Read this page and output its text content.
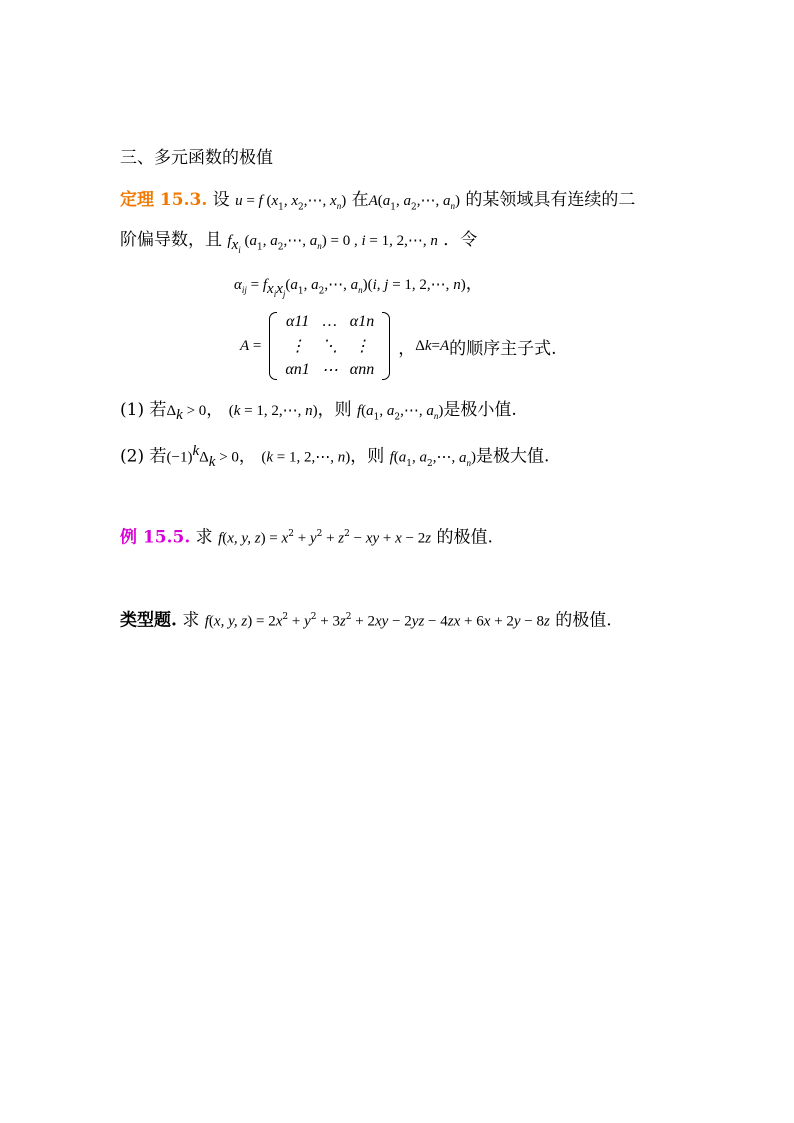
三、多元函数的极值
定理 15.3. 设 u = f ($x_1$, $x_2,\cdots$, $x_n$) 在$A(a_1$, $a_2,\cdots$, $a_n$) 的某领域具有连续的二
阶偏导数，且 $f_{x_i}$ ($a_1$, $a_2,\cdots$, $a_n) = 0$ , i = 1, 2,⋯, n ．令
$\alpha_{ij} = f_{x_ix_j}(a_1$, $a_2,\cdots$, $a_n)(i$, j = 1, 2,⋯, n)，
A =
α11	…	α1n
⋮	⋱	⋮
αn1	⋯	αnn
， Δ k = A 的顺序主子式.
(1) 若$\Delta_k > 0$， (k = 1, 2,⋯, n)，则 $f(a_1$, $a_2,\cdots$, $a_n$)是极小值.
(2) 若$(-1)^k\Delta_k > 0$， (k = 1, 2,⋯, n)，则 $f(a_1$, $a_2,\cdots$, $a_n$)是极大值.
例 15.5. 求 f(x, y, $z) = x^2 + y^2 + z^2$ − xy + x − 2z 的极值.
类型题. 求 f(x, y, $z) = 2x^2 + y^2 + 3z^2 + 2xy - 2yz - 4zx + 6x + 2y - 8z$ 的极值.
